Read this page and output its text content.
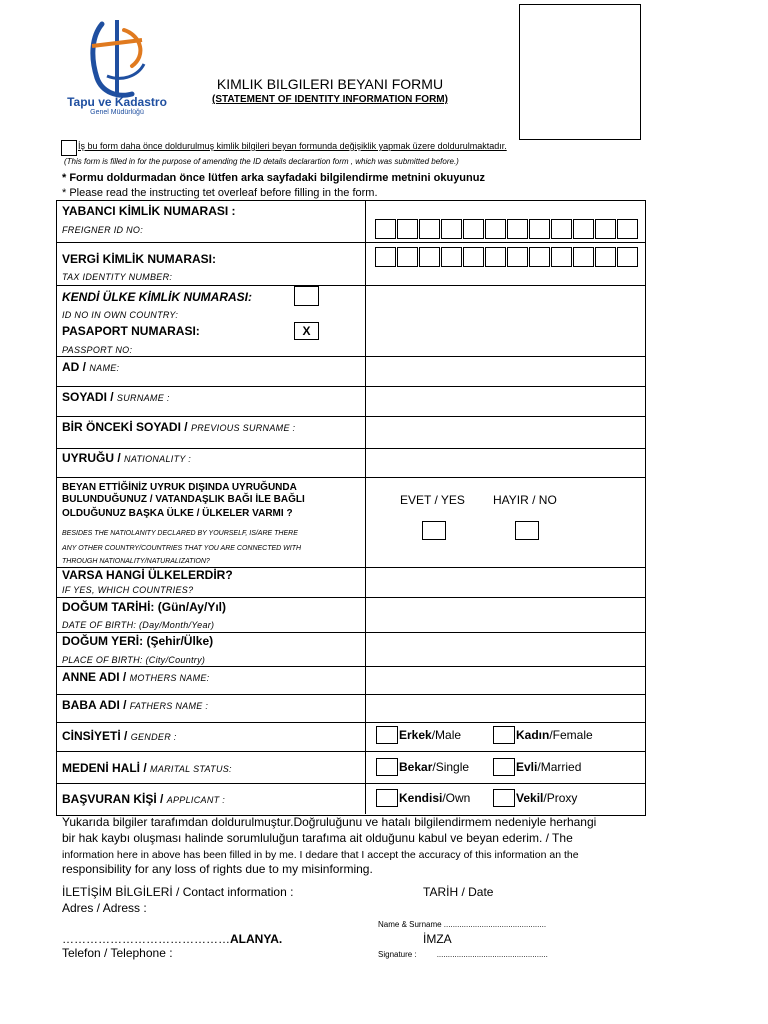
Tapu ve Kadastro
Genel Müdürlüğü
KIMLIK BILGILERI BEYANI FORMU
(STATEMENT OF IDENTITY INFORMATION FORM)
İş bu form daha önce doldurulmuş kimlik bilgileri beyan formunda değişiklik yapmak üzere doldurulmaktadır.
(This form is filled in for the purpose of amending the ID details declarartion form , which was submitted before.)
* Formu doldurmadan önce lütfen arka sayfadaki bilgilendirme metnini okuyunuz
* Please read the instructing tet overleaf before filling in the form.
YABANCI KİMLİK NUMARASI :
FREIGNER ID NO:
VERGİ KİMLİK NUMARASI:
TAX IDENTITY NUMBER:
KENDİ ÜLKE KİMLİK NUMARASI:
ID NO IN OWN COUNTRY:
PASAPORT NUMARASI:	X
PASSPORT NO:
AD / NAME:
SOYADI / SURNAME :
BİR ÖNCEKİ SOYADI / PREVIOUS SURNAME :
UYRUĞU / NATIONALITY :
BEYAN ETTİĞİNİZ UYRUK DIŞINDA UYRUĞUNDA
BULUNDUĞUNUZ / VATANDAŞLIK BAĞI İLE BAĞLI
OLDUĞUNUZ BAŞKA ÜLKE / ÜLKELER VARMI ?
BESIDES THE NATIOLANITY DECLARED BY YOURSELF, IS/ARE THERE
ANY OTHER COUNTRY/COUNTRIES THAT YOU ARE CONNECTED WITH
THROUGH NATIONALITY/NATURALIZATION?
EVET / YES HAYIR / NO
VARSA HANGİ ÜLKELERDİR?
IF YES, WHICH COUNTRIES?
DOĞUM TARİHİ: (Gün/Ay/Yıl)
DATE OF BIRTH: (Day/Month/Year)
DOĞUM YERİ: (Şehir/Ülke)
PLACE OF BIRTH: (City/Country)
ANNE ADI / MOTHERS NAME:
BABA ADI / FATHERS NAME :
CİNSİYETİ / GENDER :	Erkek/Male	Kadın/Female
MEDENİ HALİ / MARITAL STATUS:	Bekar/Single	Evli/Married
BAŞVURAN KİŞİ / APPLICANT :	Kendisi/Own	Vekil/Proxy
Yukarıda bilgiler tarafımdan doldurulmuştur.Doğruluğunu ve hatalı bilgilendirmem nedeniyle herhangi
bir hak kaybı oluşması halinde sorumluluğun tarafıma ait olduğunu kabul ve beyan ederim. / The
information here in above has been filled in by me. I dedare that I accept the accuracy of this information an the
responsibility for any loss of rights due to my misinforming.
İLETİŞİM BİLGİLERİ / Contact information :	TARİH / Date
Adres / Adress :
Name & Surname ..............................................
……………………………………ALANYA.	İMZA
Telefon / Telephone :	Signature :         ..................................................
